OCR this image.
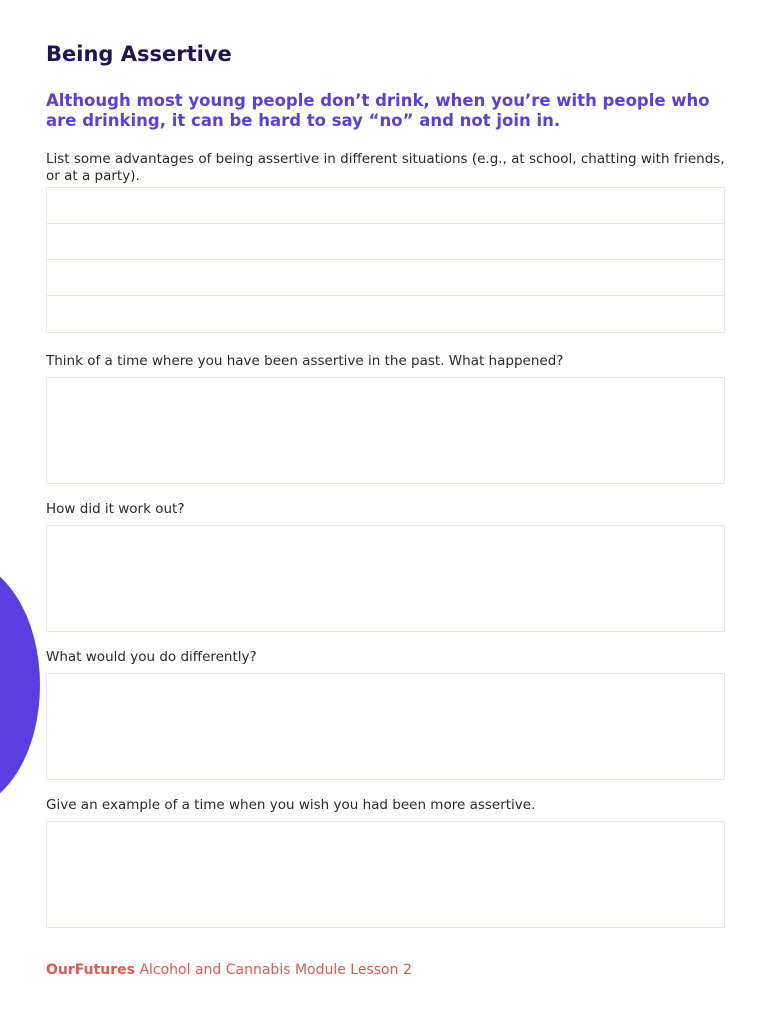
Being Assertive

Although most young people don’t drink, when you’re with people who are drinking, it can be hard to say “no” and not join in.

List some advantages of being assertive in different situations (e.g., at school, chatting with friends, or at a party).

Think of a time where you have been assertive in the past. What happened?

How did it work out?

What would you do differently?

Give an example of a time when you wish you had been more assertive.

OurFutures Alcohol and Cannabis Module Lesson 2
